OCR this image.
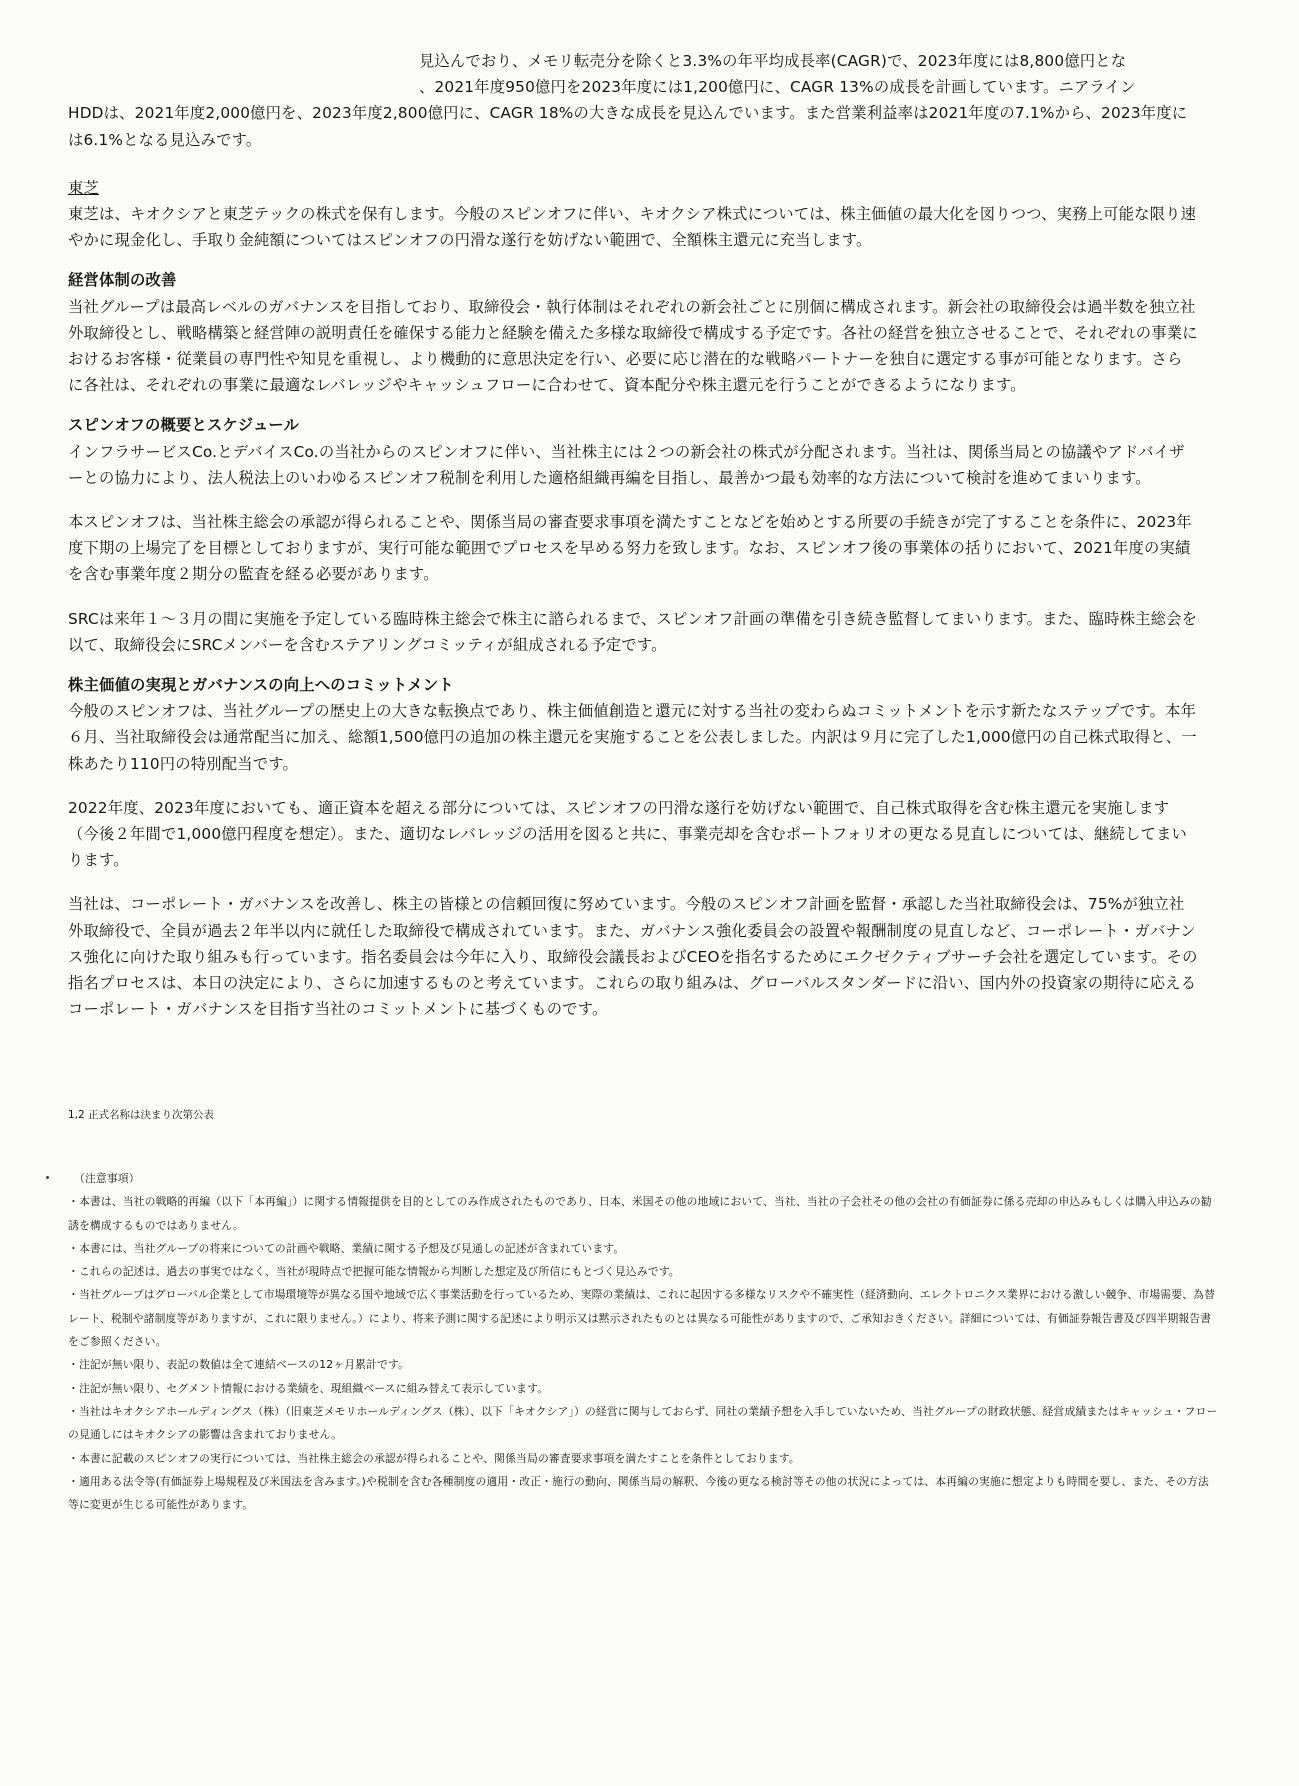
見込んでおり、メモリ転売分を除くと3.3%の年平均成長率(CAGR)で、2023年度には8,800億円とな

、2021年度950億円を2023年度には1,200億円に、CAGR 13%の成長を計画しています。ニアライン

HDDは、2021年度2,000億円を、2023年度2,800億円に、CAGR 18%の大きな成長を見込んでいます。また営業利益率は2021年度の7.1%から、2023年度には6.1%となる見込みです。

東芝

東芝は、キオクシアと東芝テックの株式を保有します。今般のスピンオフに伴い、キオクシア株式については、株主価値の最大化を図りつつ、実務上可能な限り速やかに現金化し、手取り金純額についてはスピンオフの円滑な遂行を妨げない範囲で、全額株主還元に充当します。

経営体制の改善

当社グループは最高レベルのガバナンスを目指しており、取締役会・執行体制はそれぞれの新会社ごとに別個に構成されます。新会社の取締役会は過半数を独立社外取締役とし、戦略構築と経営陣の説明責任を確保する能力と経験を備えた多様な取締役で構成する予定です。各社の経営を独立させることで、それぞれの事業におけるお客様・従業員の専門性や知見を重視し、より機動的に意思決定を行い、必要に応じ潜在的な戦略パートナーを独自に選定する事が可能となります。さらに各社は、それぞれの事業に最適なレバレッジやキャッシュフローに合わせて、資本配分や株主還元を行うことができるようになります。

スピンオフの概要とスケジュール

インフラサービスCo.とデバイスCo.の当社からのスピンオフに伴い、当社株主には２つの新会社の株式が分配されます。当社は、関係当局との協議やアドバイザーとの協力により、法人税法上のいわゆるスピンオフ税制を利用した適格組織再編を目指し、最善かつ最も効率的な方法について検討を進めてまいります。

本スピンオフは、当社株主総会の承認が得られることや、関係当局の審査要求事項を満たすことなどを始めとする所要の手続きが完了することを条件に、2023年度下期の上場完了を目標としておりますが、実行可能な範囲でプロセスを早める努力を致します。なお、スピンオフ後の事業体の括りにおいて、2021年度の実績を含む事業年度２期分の監査を経る必要があります。

SRCは来年１～３月の間に実施を予定している臨時株主総会で株主に諮られるまで、スピンオフ計画の準備を引き続き監督してまいります。また、臨時株主総会を以て、取締役会にSRCメンバーを含むステアリングコミッティが組成される予定です。

株主価値の実現とガバナンスの向上へのコミットメント

今般のスピンオフは、当社グループの歴史上の大きな転換点であり、株主価値創造と還元に対する当社の変わらぬコミットメントを示す新たなステップです。本年６月、当社取締役会は通常配当に加え、総額1,500億円の追加の株主還元を実施することを公表しました。内訳は９月に完了した1,000億円の自己株式取得と、一株あたり110円の特別配当です。

2022年度、2023年度においても、適正資本を超える部分については、スピンオフの円滑な遂行を妨げない範囲で、自己株式取得を含む株主還元を実施します（今後２年間で1,000億円程度を想定）。また、適切なレバレッジの活用を図ると共に、事業売却を含むポートフォリオの更なる見直しについては、継続してまいります。

当社は、コーポレート・ガバナンスを改善し、株主の皆様との信頼回復に努めています。今般のスピンオフ計画を監督・承認した当社取締役会は、75%が独立社外取締役で、全員が過去２年半以内に就任した取締役で構成されています。また、ガバナンス強化委員会の設置や報酬制度の見直しなど、コーポレート・ガバナンス強化に向けた取り組みも行っています。指名委員会は今年に入り、取締役会議長およびCEOを指名するためにエクゼクティブサーチ会社を選定しています。その指名プロセスは、本日の決定により、さらに加速するものと考えています。これらの取り組みは、グローバルスタンダードに沿い、国内外の投資家の期待に応えるコーポレート・ガバナンスを目指す当社のコミットメントに基づくものです。

1,2 正式名称は決まり次第公表

（注意事項）

・本書は、当社の戦略的再編（以下「本再編」）に関する情報提供を目的としてのみ作成されたものであり、日本、米国その他の地域において、当社、当社の子会社その他の会社の有価証券に係る売却の申込みもしくは購入申込みの勧誘を構成するものではありません。

・本書には、当社グループの将来についての計画や戦略、業績に関する予想及び見通しの記述が含まれています。

・これらの記述は、過去の事実ではなく、当社が現時点で把握可能な情報から判断した想定及び所信にもとづく見込みです。

・当社グループはグローバル企業として市場環境等が異なる国や地域で広く事業活動を行っているため、実際の業績は、これに起因する多様なリスクや不確実性（経済動向、エレクトロニクス業界における激しい競争、市場需要、為替レート、税制や諸制度等がありますが、これに限りません。）により、将来予測に関する記述により明示又は黙示されたものとは異なる可能性がありますので、ご承知おきください。詳細については、有価証券報告書及び四半期報告書をご参照ください。

・注記が無い限り、表記の数値は全て連結ベースの12ヶ月累計です。

・注記が無い限り、セグメント情報における業績を、現組織ベースに組み替えて表示しています。

・当社はキオクシアホールディングス（株）（旧東芝メモリホールディングス（株）、以下「キオクシア」）の経営に関与しておらず、同社の業績予想を入手していないため、当社グループの財政状態、経営成績またはキャッシュ・フローの見通しにはキオクシアの影響は含まれておりません。

・本書に記載のスピンオフの実行については、当社株主総会の承認が得られることや、関係当局の審査要求事項を満たすことを条件としております。

・適用ある法令等(有価証券上場規程及び米国法を含みます。)や税制を含む各種制度の適用・改正・施行の動向、関係当局の解釈、今後の更なる検討等その他の状況によっては、本再編の実施に想定よりも時間を要し、また、その方法等に変更が生じる可能性があります。
